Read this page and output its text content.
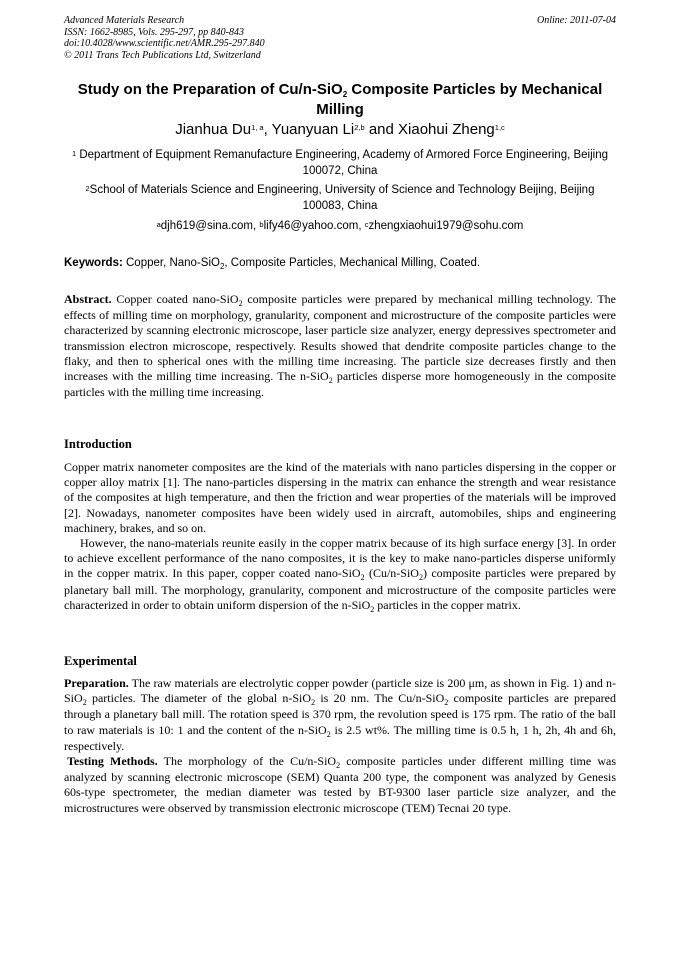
Advanced Materials Research
ISSN: 1662-8985, Vols. 295-297, pp 840-843
doi:10.4028/www.scientific.net/AMR.295-297.840
© 2011 Trans Tech Publications Ltd, Switzerland
Online: 2011-07-04
Study on the Preparation of Cu/n-SiO$_2$ Composite Particles by Mechanical Milling
Jianhua Du$^{1, a}$, Yuanyuan Li$^{2,b}$ and Xiaohui Zheng$^{1,c}$
$^1$ Department of Equipment Remanufacture Engineering, Academy of Armored Force Engineering, Beijing 100072, China
$^2$School of Materials Science and Engineering, University of Science and Technology Beijing, Beijing 100083, China
$^a$djh619@sina.com, $^b$lify46@yahoo.com, $^c$zhengxiaohui1979@sohu.com
Keywords: Copper, Nano-SiO$_2$, Composite Particles, Mechanical Milling, Coated.

Abstract. Copper coated nano-SiO$_2$ composite particles were prepared by mechanical milling technology. The effects of milling time on morphology, granularity, component and microstructure of the composite particles were characterized by scanning electronic microscope, laser particle size analyzer, energy depressives spectrometer and transmission electron microscope, respectively. Results showed that dendrite composite particles change to the flaky, and then to spherical ones with the milling time increasing. The particle size decreases firstly and then increases with the milling time increasing. The n-SiO$_2$ particles disperse more homogeneously in the composite particles with the milling time increasing.

Introduction

Copper matrix nanometer composites are the kind of the materials with nano particles dispersing in the copper or copper alloy matrix [1]. The nano-particles dispersing in the matrix can enhance the strength and wear resistance of the composites at high temperature, and then the friction and wear properties of the materials will be improved [2]. Nowadays, nanometer composites have been widely used in aircraft, automobiles, ships and engineering machinery, brakes, and so on.

However, the nano-materials reunite easily in the copper matrix because of its high surface energy [3]. In order to achieve excellent performance of the nano composites, it is the key to make nano-particles disperse uniformly in the copper matrix. In this paper, copper coated nano-SiO$_2$ (Cu/n-SiO$_2$) composite particles were prepared by planetary ball mill. The morphology, granularity, component and microstructure of the composite particles were characterized in order to obtain uniform dispersion of the n-SiO$_2$ particles in the copper matrix.

Experimental

Preparation. The raw materials are electrolytic copper powder (particle size is 200 μm, as shown in Fig. 1) and n-SiO$_2$ particles. The diameter of the global n-SiO$_2$ is 20 nm. The Cu/n-SiO$_2$ composite particles are prepared through a planetary ball mill. The rotation speed is 370 rpm, the revolution speed is 175 rpm. The ratio of the ball to raw materials is 10: 1 and the content of the n-SiO$_2$ is 2.5 wt%. The milling time is 0.5 h, 1 h, 2h, 4h and 6h, respectively.

Testing Methods. The morphology of the Cu/n-SiO$_2$ composite particles under different milling time was analyzed by scanning electronic microscope (SEM) Quanta 200 type, the component was analyzed by Genesis 60s-type spectrometer, the median diameter was tested by BT-9300 laser particle size analyzer, and the microstructures were observed by transmission electronic microscope (TEM) Tecnai 20 type.
